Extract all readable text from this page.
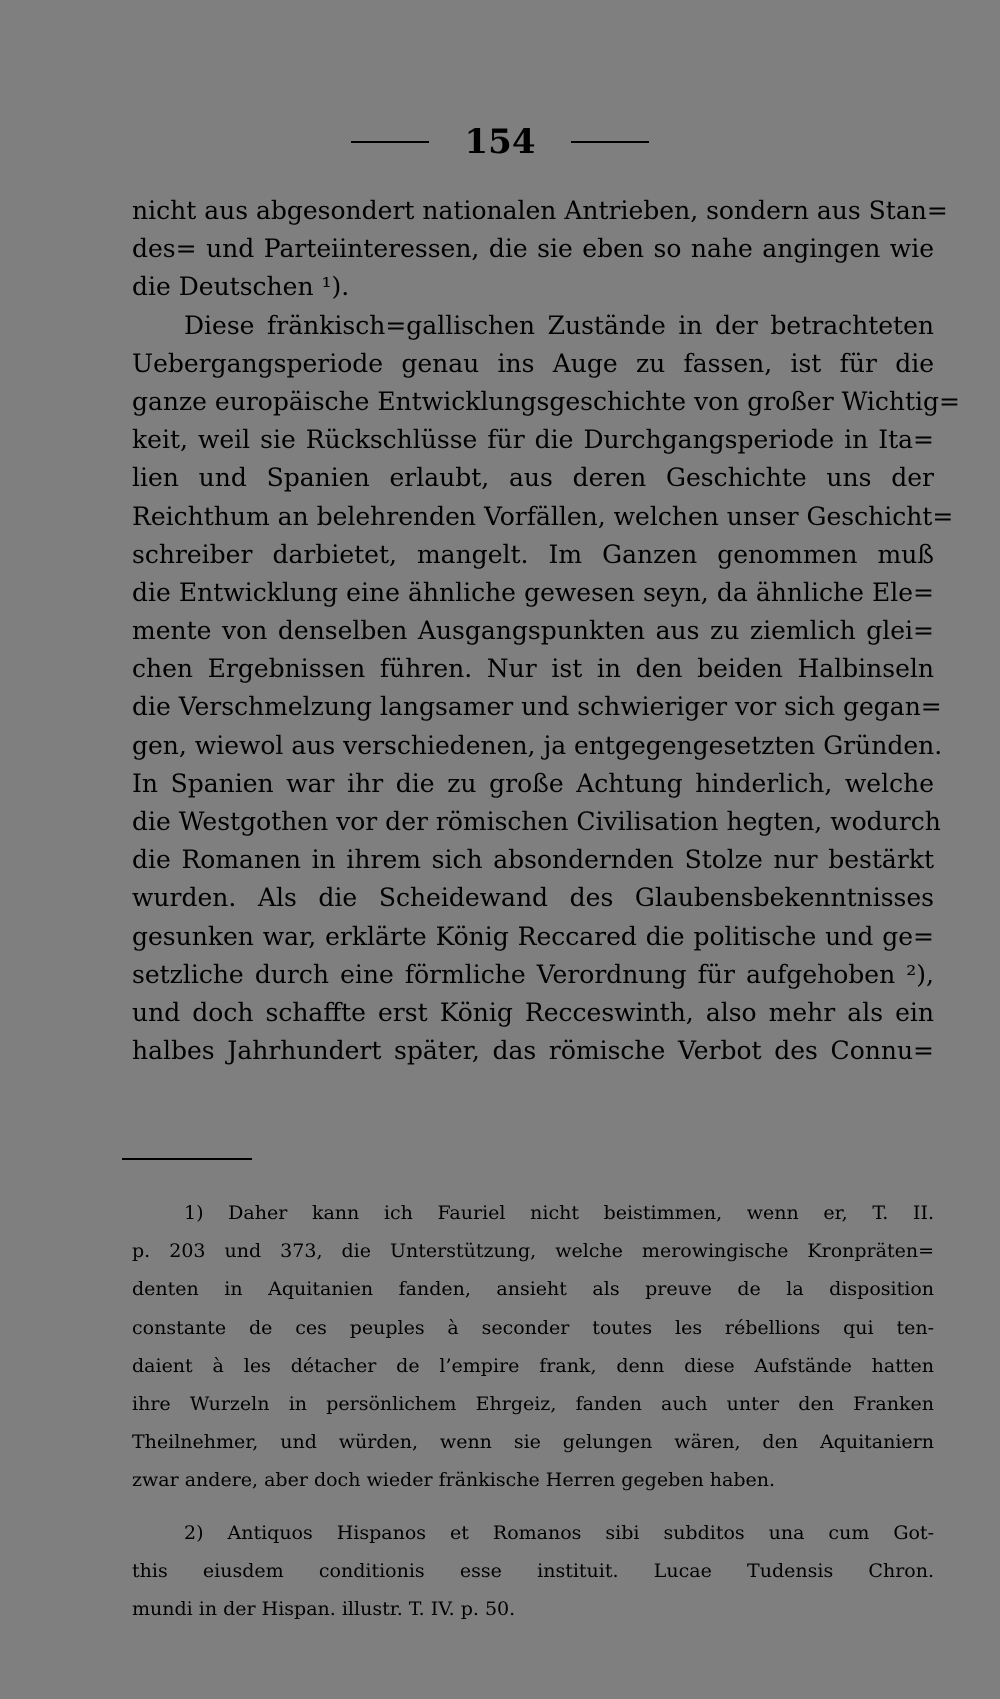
154
nicht aus abgesondert nationalen Antrieben, sondern aus Stan=
des= und Parteiinteressen, die sie eben so nahe angingen wie
die Deutschen ¹).
Diese fränkisch=gallischen Zustände in der betrachteten
Uebergangsperiode genau ins Auge zu fassen, ist für die
ganze europäische Entwicklungsgeschichte von großer Wichtig=
keit, weil sie Rückschlüsse für die Durchgangsperiode in Ita=
lien und Spanien erlaubt, aus deren Geschichte uns der
Reichthum an belehrenden Vorfällen, welchen unser Geschicht=
schreiber darbietet, mangelt. Im Ganzen genommen muß
die Entwicklung eine ähnliche gewesen seyn, da ähnliche Ele=
mente von denselben Ausgangspunkten aus zu ziemlich glei=
chen Ergebnissen führen. Nur ist in den beiden Halbinseln
die Verschmelzung langsamer und schwieriger vor sich gegan=
gen, wiewol aus verschiedenen, ja entgegengesetzten Gründen.
In Spanien war ihr die zu große Achtung hinderlich, welche
die Westgothen vor der römischen Civilisation hegten, wodurch
die Romanen in ihrem sich absondernden Stolze nur bestärkt
wurden. Als die Scheidewand des Glaubensbekenntnisses
gesunken war, erklärte König Reccared die politische und ge=
setzliche durch eine förmliche Verordnung für aufgehoben ²),
und doch schaffte erst König Recceswinth, also mehr als ein
halbes Jahrhundert später, das römische Verbot des Connu=
1) Daher kann ich Fauriel nicht beistimmen, wenn er, T. II.
p. 203 und 373, die Unterstützung, welche merowingische Kronpräten=
denten in Aquitanien fanden, ansieht als preuve de la disposition
constante de ces peuples à seconder toutes les rébellions qui ten-
daient à les détacher de l’empire frank, denn diese Aufstände hatten
ihre Wurzeln in persönlichem Ehrgeiz, fanden auch unter den Franken
Theilnehmer, und würden, wenn sie gelungen wären, den Aquitaniern
zwar andere, aber doch wieder fränkische Herren gegeben haben.
2) Antiquos Hispanos et Romanos sibi subditos una cum Got-
this eiusdem conditionis esse instituit. Lucae Tudensis Chron.
mundi in der Hispan. illustr. T. IV. p. 50.
